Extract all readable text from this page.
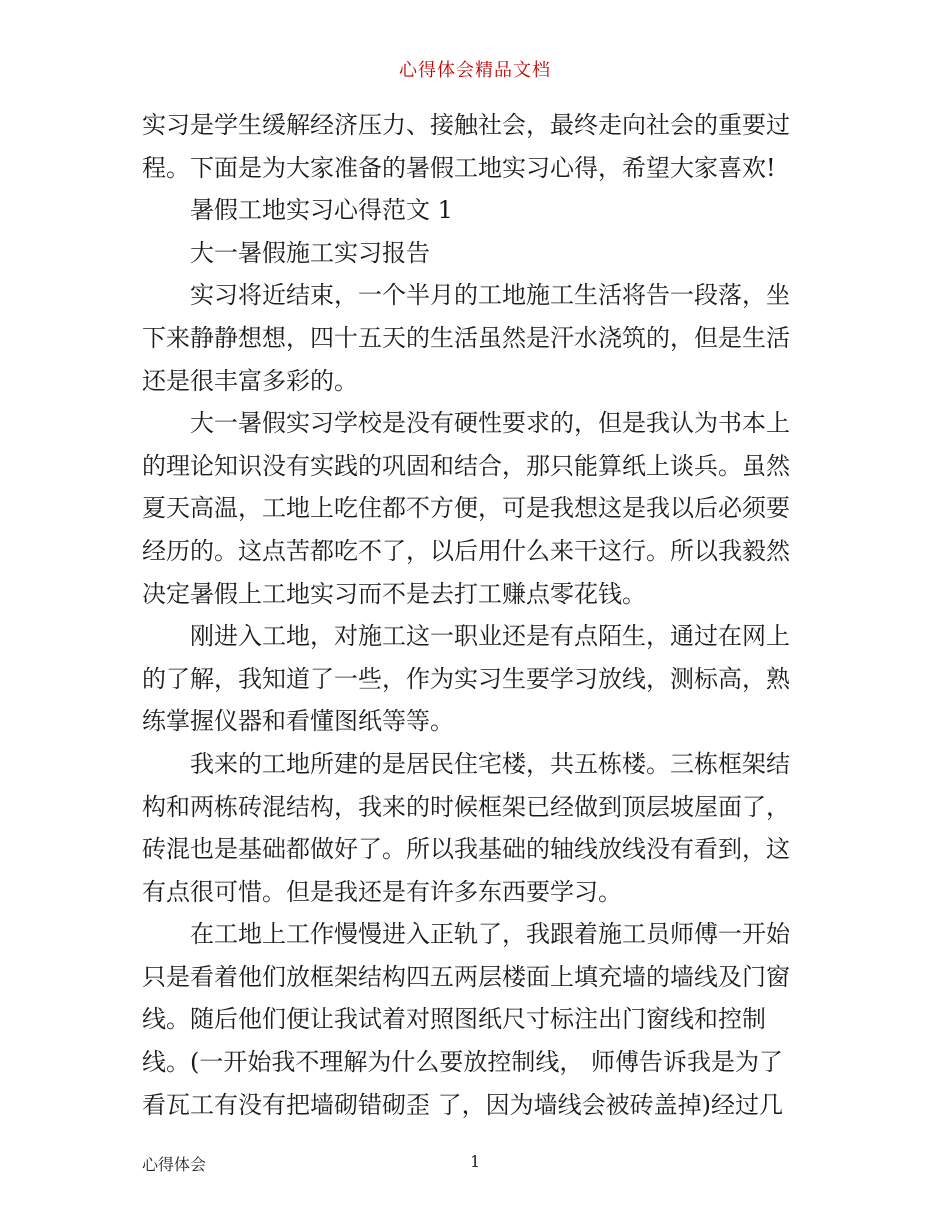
心得体会精品文档
实习是学生缓解经济压力、接触社会，最终走向社会的重要过
程。下面是为大家准备的暑假工地实习心得，希望大家喜欢!
暑假工地实习心得范文 1
大一暑假施工实习报告
实习将近结束，一个半月的工地施工生活将告一段落，坐
下来静静想想，四十五天的生活虽然是汗水浇筑的，但是生活
还是很丰富多彩的。
大一暑假实习学校是没有硬性要求的，但是我认为书本上
的理论知识没有实践的巩固和结合，那只能算纸上谈兵。虽然
夏天高温，工地上吃住都不方便，可是我想这是我以后必须要
经历的。这点苦都吃不了，以后用什么来干这行。所以我毅然
决定暑假上工地实习而不是去打工赚点零花钱。
刚进入工地，对施工这一职业还是有点陌生，通过在网上
的了解，我知道了一些，作为实习生要学习放线，测标高，熟
练掌握仪器和看懂图纸等等。
我来的工地所建的是居民住宅楼，共五栋楼。三栋框架结
构和两栋砖混结构，我来的时候框架已经做到顶层坡屋面了，
砖混也是基础都做好了。所以我基础的轴线放线没有看到，这
有点很可惜。但是我还是有许多东西要学习。
在工地上工作慢慢进入正轨了，我跟着施工员师傅一开始
只是看着他们放框架结构四五两层楼面上填充墙的墙线及门窗
线。随后他们便让我试着对照图纸尺寸标注出门窗线和控制
线。(一开始我不理解为什么要放控制线， 师傅告诉我是为了
看瓦工有没有把墙砌错砌歪 了，因为墙线会被砖盖掉)经过几
心得体会	1
